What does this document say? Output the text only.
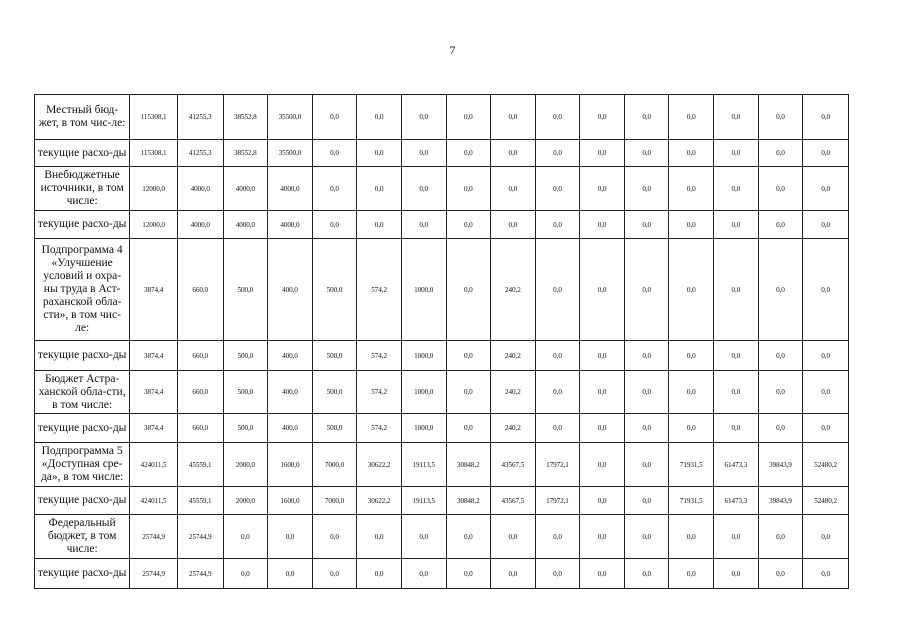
7
Местный бюд-жет, в том чис-ле:	115308,1	41255,3	38552,8	35500,0	0,0	0,0	0,0	0,0	0,0	0,0	0,0	0,0	0,0	0,0	0,0	0,0
текущие расхо-ды	115308,1	41255,3	38552,8	35500,0	0,0	0,0	0,0	0,0	0,0	0,0	0,0	0,0	0,0	0,0	0,0	0,0
Внебюджетные источники, в том числе:	12000,0	4000,0	4000,0	4000,0	0,0	0,0	0,0	0,0	0,0	0,0	0,0	0,0	0,0	0,0	0,0	0,0
текущие расхо-ды	12000,0	4000,0	4000,0	4000,0	0,0	0,0	0,0	0,0	0,0	0,0	0,0	0,0	0,0	0,0	0,0	0,0
Подпрограмма 4 «Улучшение условий и охра-ны труда в Аст-раханской обла-сти», в том чис-ле:	3874,4	660,0	500,0	400,0	500,0	574,2	1000,0	0,0	240,2	0,0	0,0	0,0	0,0	0,0	0,0	0,0
текущие расхо-ды	3874,4	660,0	500,0	400,0	500,0	574,2	1000,0	0,0	240,2	0,0	0,0	0,0	0,0	0,0	0,0	0,0
Бюджет Астра-ханской обла-сти, в том числе:	3874,4	660,0	500,0	400,0	500,0	574,2	1000,0	0,0	240,2	0,0	0,0	0,0	0,0	0,0	0,0	0,0
текущие расхо-ды	3874,4	660,0	500,0	400,0	500,0	574,2	1000,0	0,0	240,2	0,0	0,0	0,0	0,0	0,0	0,0	0,0
Подпрограмма 5 «Доступная сре-да», в том числе:	424011,5	45559,1	2000,0	1600,0	7000,0	30622,2	19113,5	30848,2	43567,5	17972,1	0,0	0,0	71931,5	61473,3	39843,9	52480,2
текущие расхо-ды	424011,5	45559,1	2000,0	1600,0	7000,0	30622,2	19113,5	30848,2	43567,5	17972,1	0,0	0,0	71931,5	61473,3	39843,9	52480,2
Федеральный бюджет, в том числе:	25744,9	25744,9	0,0	0,0	0,0	0,0	0,0	0,0	0,0	0,0	0,0	0,0	0,0	0,0	0,0	0,0
текущие расхо-ды	25744,9	25744,9	0,0	0,0	0,0	0,0	0,0	0,0	0,0	0,0	0,0	0,0	0,0	0,0	0,0	0,0
